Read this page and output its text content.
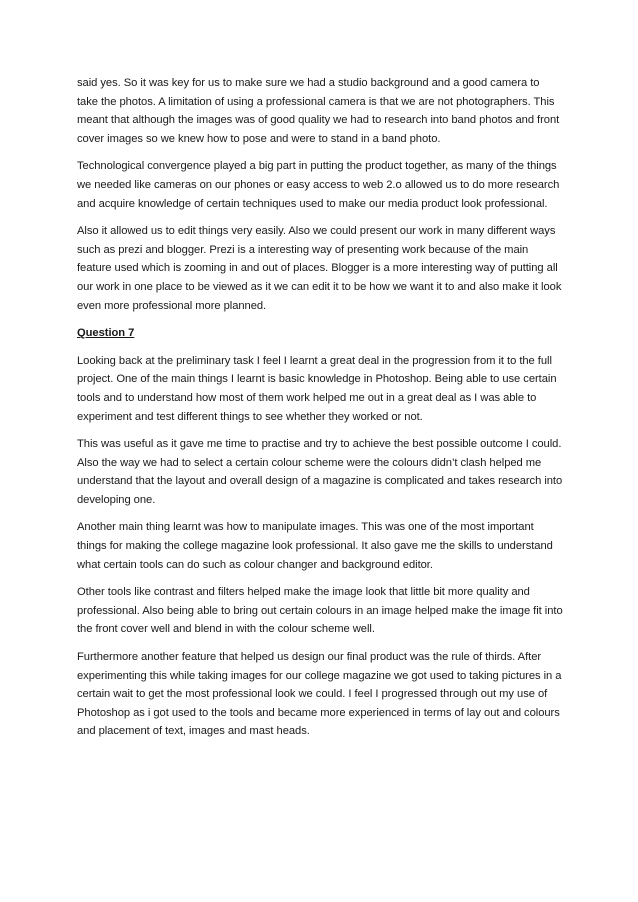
said yes. So it was key for us to make sure we had a studio background and a good camera to take the photos. A limitation of using a professional camera is that we are not photographers. This meant that although the images was of good quality we had to research into band photos and front cover images so we knew how to pose and were to stand in a band photo.

Technological convergence played a big part in putting the product together, as many of the things we needed like cameras on our phones or easy access to web 2.o allowed us to do more research and acquire knowledge of certain techniques used to make our media product look professional.

Also it allowed us to edit things very easily. Also we could present our work in many different ways such as prezi and blogger. Prezi is a interesting way of presenting work because of the main feature used which is zooming in and out of places. Blogger is a more interesting way of putting all our work in one place to be viewed as it we can edit it to be how we want it to and also make it look even more professional more planned.

Question 7

Looking back at the preliminary task I feel I learnt a great deal in the progression from it to the full project. One of the main things I learnt is basic knowledge in Photoshop. Being able to use certain tools and to understand how most of them work helped me out in a great deal as I was able to experiment and test different things to see whether they worked or not.

This was useful as it gave me time to practise and try to achieve the best possible outcome I could. Also the way we had to select a certain colour scheme were the colours didn’t clash helped me understand that the layout and overall design of a magazine is complicated and takes research into developing one.

Another main thing learnt was how to manipulate images. This was one of the most important things for making the college magazine look professional. It also gave me the skills to understand what certain tools can do such as colour changer and background editor.

Other tools like contrast and filters helped make the image look that little bit more quality and professional. Also being able to bring out certain colours in an image helped make the image fit into the front cover well and blend in with the colour scheme well.

Furthermore another feature that helped us design our final product was the rule of thirds. After experimenting this while taking images for our college magazine we got used to taking pictures in a certain wait to get the most professional look we could. I feel I progressed through out my use of Photoshop as i got used to the tools and became more experienced in terms of lay out and colours and placement of text, images and mast heads.
